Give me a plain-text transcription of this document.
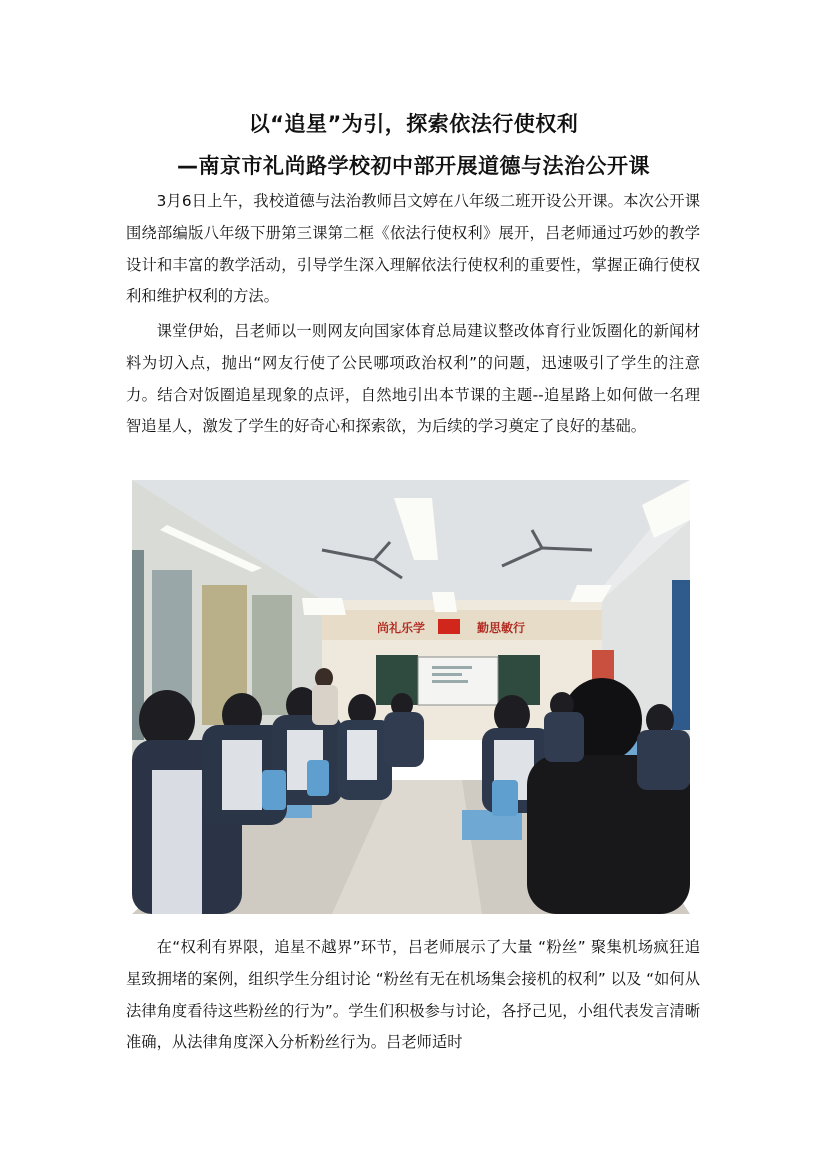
以“追星”为引，探索依法行使权利
—南京市礼尚路学校初中部开展道德与法治公开课

3月6日上午，我校道德与法治教师吕文婷在八年级二班开设公开课。本次公开课围绕部编版八年级下册第三课第二框《依法行使权利》展开，吕老师通过巧妙的教学设计和丰富的教学活动，引导学生深入理解依法行使权利的重要性，掌握正确行使权利和维护权利的方法。

课堂伊始，吕老师以一则网友向国家体育总局建议整改体育行业饭圈化的新闻材料为切入点，抛出“网友行使了公民哪项政治权利”的问题，迅速吸引了学生的注意力。结合对饭圈追星现象的点评，自然地引出本节课的主题--追星路上如何做一名理智追星人，激发了学生的好奇心和探索欲，为后续的学习奠定了良好的基础。

尚礼乐学	勤思敏行

在“权利有界限，追星不越界”环节，吕老师展示了大量 “粉丝” 聚集机场疯狂追星致拥堵的案例，组织学生分组讨论 “粉丝有无在机场集会接机的权利” 以及 “如何从法律角度看待这些粉丝的行为”。学生们积极参与讨论，各抒己见，小组代表发言清晰准确，从法律角度深入分析粉丝行为。吕老师适时
